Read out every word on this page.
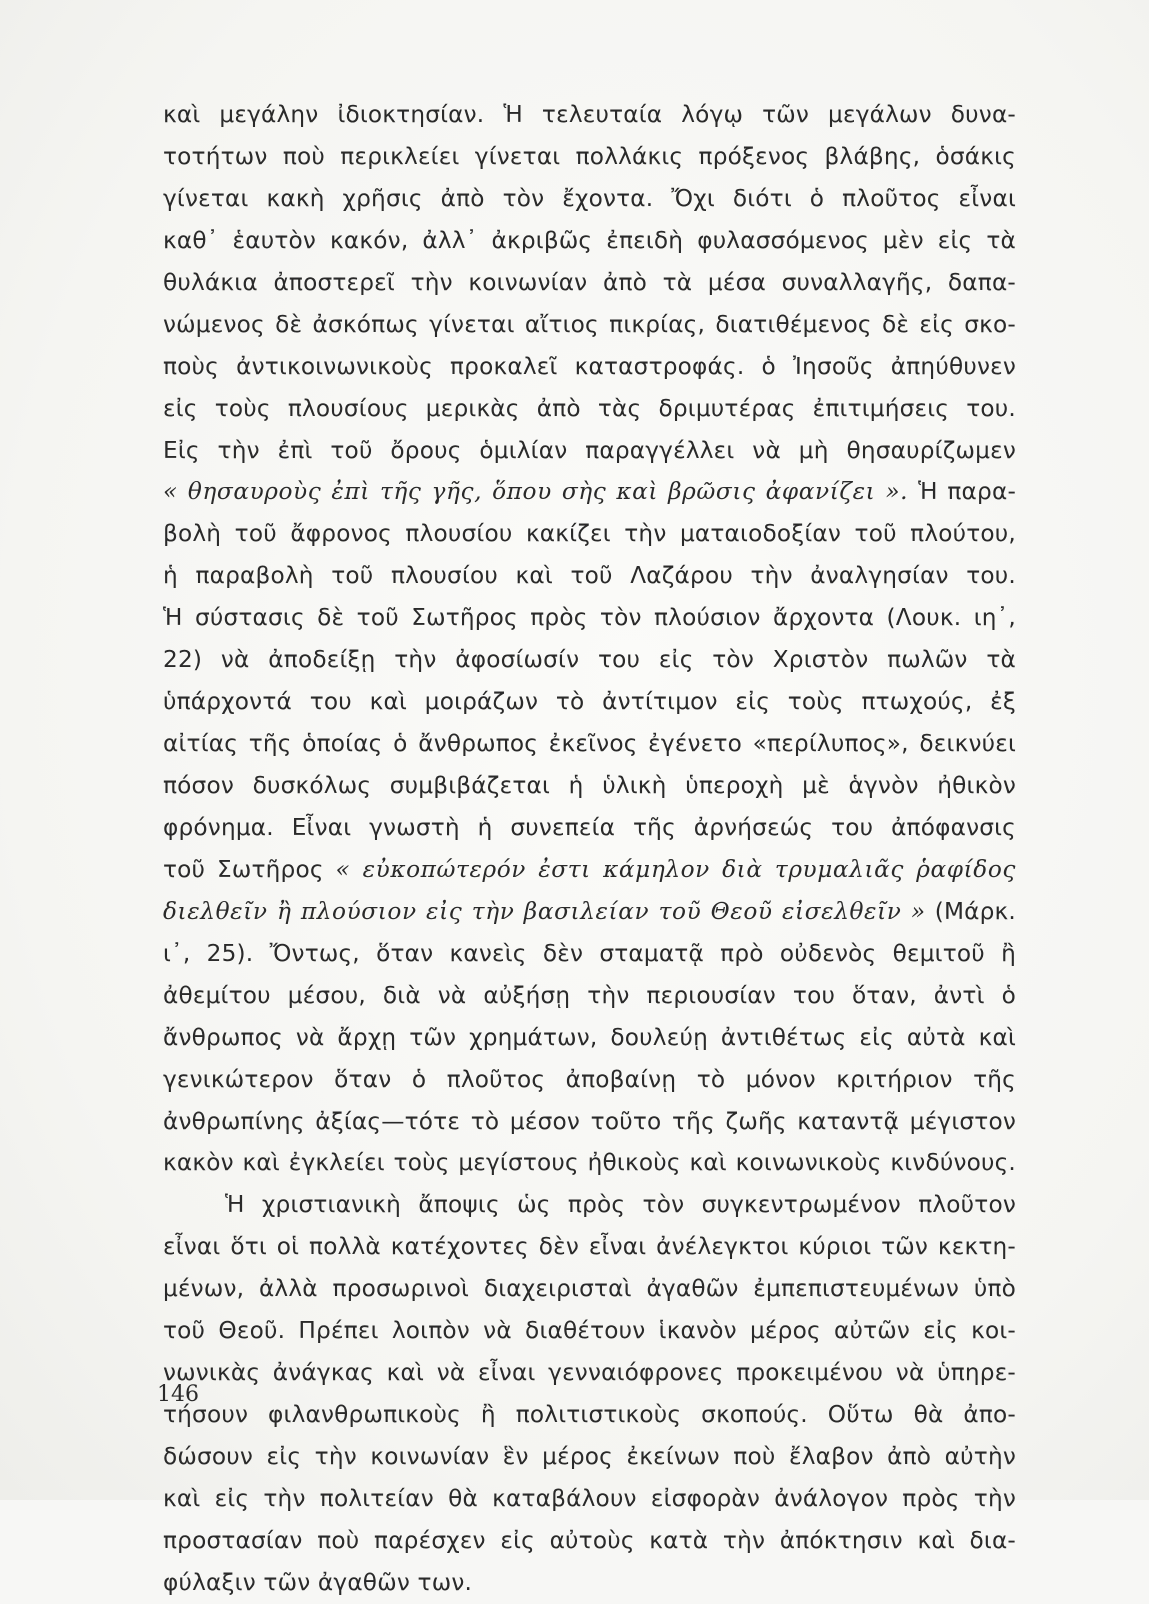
καὶ μεγάλην ἰδιοκτησίαν. Ἡ τελευταία λόγῳ τῶν μεγάλων δυνα-
τοτήτων ποὺ περικλείει γίνεται πολλάκις πρόξενος βλάβης, ὁσάκις
γίνεται κακὴ χρῆσις ἀπὸ τὸν ἔχοντα. Ὄχι διότι ὁ πλοῦτος εἶναι
καθ᾽ ἑαυτὸν κακόν, ἀλλ᾽ ἀκριβῶς ἐπειδὴ φυλασσόμενος μὲν εἰς τὰ
θυλάκια ἀποστερεῖ τὴν κοινωνίαν ἀπὸ τὰ μέσα συναλλαγῆς, δαπα-
νώμενος δὲ ἀσκόπως γίνεται αἴτιος πικρίας, διατιθέμενος δὲ εἰς σκο-
ποὺς ἀντικοινωνικοὺς προκαλεῖ καταστροφάς. ὁ Ἰησοῦς ἀπηύθυνεν
εἰς τοὺς πλουσίους μερικὰς ἀπὸ τὰς δριμυτέρας ἐπιτιμήσεις του.
Εἰς τὴν ἐπὶ τοῦ ὄρους ὁμιλίαν παραγγέλλει νὰ μὴ θησαυρίζωμεν
« θησαυροὺς ἐπὶ τῆς γῆς, ὅπου σὴς καὶ βρῶσις ἀφανίζει ». Ἡ παρα-
βολὴ τοῦ ἄφρονος πλουσίου κακίζει τὴν ματαιοδοξίαν τοῦ πλούτου,
ἡ παραβολὴ τοῦ πλουσίου καὶ τοῦ Λαζάρου τὴν ἀναλγησίαν του.
Ἡ σύστασις δὲ τοῦ Σωτῆρος πρὸς τὸν πλούσιον ἄρχοντα (Λουκ. ιη᾽,
22) νὰ ἀποδείξῃ τὴν ἀφοσίωσίν του εἰς τὸν Χριστὸν πωλῶν τὰ
ὑπάρχοντά του καὶ μοιράζων τὸ ἀντίτιμον εἰς τοὺς πτωχούς, ἐξ
αἰτίας τῆς ὁποίας ὁ ἄνθρωπος ἐκεῖνος ἐγένετο «περίλυπος», δεικνύει
πόσον δυσκόλως συμβιβάζεται ἡ ὑλικὴ ὑπεροχὴ μὲ ἁγνὸν ἠθικὸν
φρόνημα. Εἶναι γνωστὴ ἡ συνεπεία τῆς ἀρνήσεώς του ἀπόφανσις
τοῦ Σωτῆρος « εὐκοπώτερόν ἐστι κάμηλον διὰ τρυμαλιᾶς ῥαφίδος
διελθεῖν ἢ πλούσιον εἰς τὴν βασιλείαν τοῦ Θεοῦ εἰσελθεῖν » (Μάρκ.
ι᾽, 25). Ὄντως, ὅταν κανεὶς δὲν σταματᾷ πρὸ οὐδενὸς θεμιτοῦ ἢ
ἀθεμίτου μέσου, διὰ νὰ αὐξήσῃ τὴν περιουσίαν του ὅταν, ἀντὶ ὁ
ἄνθρωπος νὰ ἄρχῃ τῶν χρημάτων, δουλεύῃ ἀντιθέτως εἰς αὐτὰ καὶ
γενικώτερον ὅταν ὁ πλοῦτος ἀποβαίνῃ τὸ μόνον κριτήριον τῆς
ἀνθρωπίνης ἀξίας—τότε τὸ μέσον τοῦτο τῆς ζωῆς καταντᾷ μέγιστον
κακὸν καὶ ἐγκλείει τοὺς μεγίστους ἠθικοὺς καὶ κοινωνικοὺς κινδύνους.
Ἡ χριστιανικὴ ἄποψις ὡς πρὸς τὸν συγκεντρωμένον πλοῦτον
εἶναι ὅτι οἱ πολλὰ κατέχοντες δὲν εἶναι ἀνέλεγκτοι κύριοι τῶν κεκτη-
μένων, ἀλλὰ προσωρινοὶ διαχειρισταὶ ἀγαθῶν ἐμπεπιστευμένων ὑπὸ
τοῦ Θεοῦ. Πρέπει λοιπὸν νὰ διαθέτουν ἱκανὸν μέρος αὐτῶν εἰς κοι-
νωνικὰς ἀνάγκας καὶ νὰ εἶναι γενναιόφρονες προκειμένου νὰ ὑπηρε-
τήσουν φιλανθρωπικοὺς ἢ πολιτιστικοὺς σκοπούς. Οὕτω θὰ ἀπο-
δώσουν εἰς τὴν κοινωνίαν ἓν μέρος ἐκείνων ποὺ ἔλαβον ἀπὸ αὐτὴν
καὶ εἰς τὴν πολιτείαν θὰ καταβάλουν εἰσφορὰν ἀνάλογον πρὸς τὴν
προστασίαν ποὺ παρέσχεν εἰς αὐτοὺς κατὰ τὴν ἀπόκτησιν καὶ δια-
φύλαξιν τῶν ἀγαθῶν των.
146
